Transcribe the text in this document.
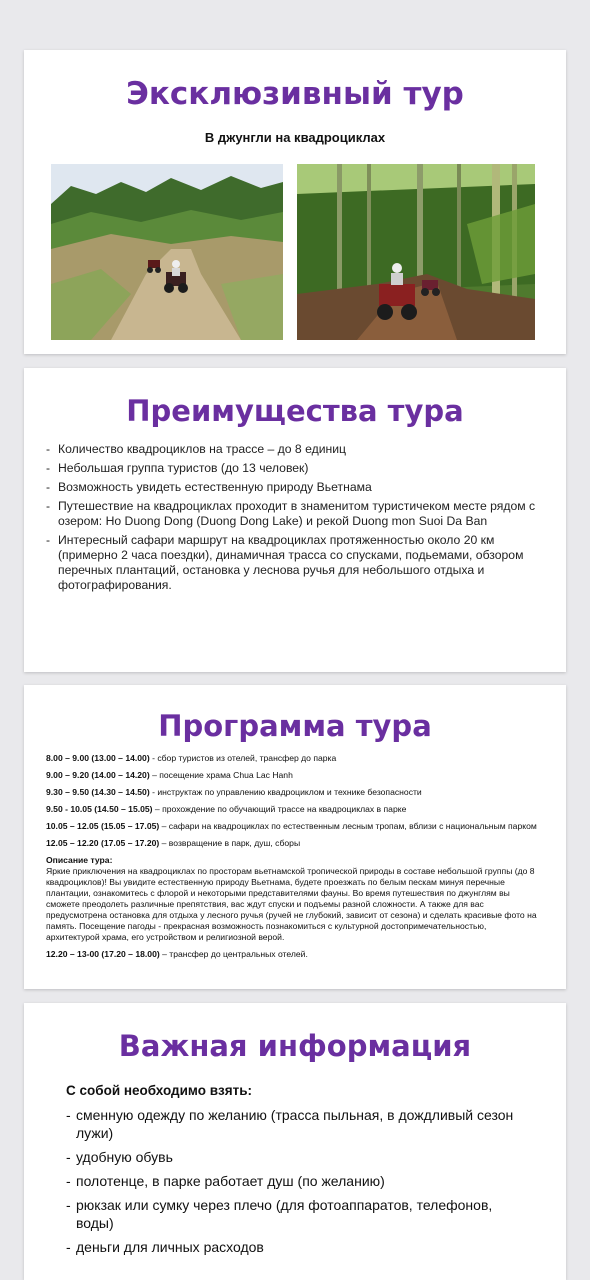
Эксклюзивный тур
В джунгли на квадроциклах
Преимущества тура
- Количество квадроциклов на трассе – до 8 единиц
- Небольшая группа туристов (до 13 человек)
- Возможность увидеть естественную природу Вьетнама
- Путешествие на квадроциклах проходит в знаменитом туристичеком месте рядом с озером: Ho Duong Dong (Duong Dong Lake) и рекой Duong mon Suoi Da Ban
- Интересный сафари маршрут на квадроциклах протяженностью около 20 км (примерно 2 часа поездки), динамичная трасса со спусками, подьемами, обзором перечных плантаций, остановка у леснова ручья для небольшого отдыха и фотографирования.
Программа тура
8.00 – 9.00 (13.00 – 14.00) - сбор туристов из отелей, трансфер до парка
9.00 – 9.20 (14.00 – 14.20) – посещение храма Chua Lac Hanh
9.30 – 9.50 (14.30 – 14.50) - инструктаж по управлению квадроциклом и технике безопасности
9.50 - 10.05 (14.50 – 15.05) – прохождение по обучающий трассе на квадроциклах в парке
10.05 – 12.05 (15.05 – 17.05) – сафари на квадроциклах по естественным лесным тропам, вблизи с национальным парком
12.05 – 12.20 (17.05 – 17.20) – возвращение в парк, душ, сборы
Описание тура:
Яркие приключения на квадроциклах по просторам вьетнамской тропической природы в составе небольшой группы (до 8 квадроциклов)! Вы увидите естественную природу Вьетнама, будете проезжать по белым пескам минуя перечные плантации, ознакомитесь с флорой и некоторыми представителями фауны. Во время путешествия по джунглям вы сможете преодолеть различные препятствия, вас ждут спуски и подъемы разной сложности. А также для вас предусмотрена остановка для отдыха у лесного ручья (ручей не глубокий, зависит от сезона) и сделать красивые фото на память. Посещение пагоды - прекрасная возможность познакомиться с культурной достопримечательностью, архитектурой храма, его устройством и религиозной верой.
12.20 – 13-00 (17.20 – 18.00) – трансфер до центральных отелей.
Важная информация
С собой необходимо взять:
- сменную одежду по желанию (трасса пыльная, в дождливый сезон лужи)
- удобную обувь
- полотенце, в парке работает душ (по желанию)
- рюкзак или сумку через плечо (для фотоаппаратов, телефонов, воды)
- деньги для личных расходов
